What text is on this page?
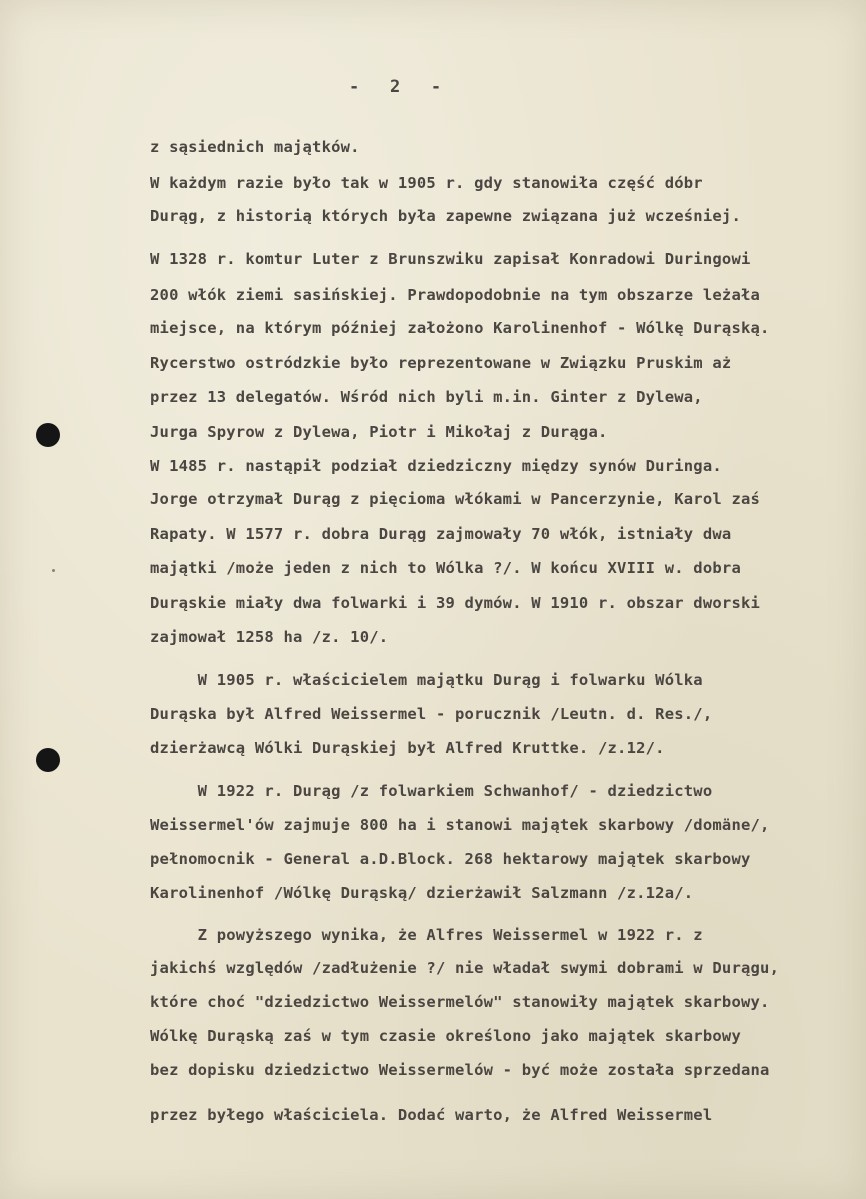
-   2   -
z sąsiednich majątków.
W każdym razie było tak w 1905 r. gdy stanowiła część dóbr
Durąg, z historią których była zapewne związana już wcześniej.
W 1328 r. komtur Luter z Brunszwiku zapisał Konradowi Duringowi
200 włók ziemi sasińskiej. Prawdopodobnie na tym obszarze leżała
miejsce, na którym później założono Karolinenhof - Wólkę Durąską.
Rycerstwo ostródzkie było reprezentowane w Związku Pruskim aż
przez 13 delegatów. Wśród nich byli m.in. Ginter z Dylewa,
Jurga Spyrow z Dylewa, Piotr i Mikołaj z Durąga.
W 1485 r. nastąpił podział dziedziczny między synów Duringa.
Jorge otrzymał Durąg z pięcioma włókami w Pancerzynie, Karol zaś
Rapaty. W 1577 r. dobra Durąg zajmowały 70 włók, istniały dwa
majątki /może jeden z nich to Wólka ?/. W końcu XVIII w. dobra
Durąskie miały dwa folwarki i 39 dymów. W 1910 r. obszar dworski
zajmował 1258 ha /z. 10/.
W 1905 r. właścicielem majątku Durąg i folwarku Wólka
Durąska był Alfred Weissermel - porucznik /Leutn. d. Res./,
dzierżawcą Wólki Durąskiej był Alfred Kruttke. /z.12/.
W 1922 r. Durąg /z folwarkiem Schwanhof/ - dziedzictwo
Weissermel'ów zajmuje 800 ha i stanowi majątek skarbowy /domäne/,
pełnomocnik - General a.D.Block. 268 hektarowy majątek skarbowy
Karolinenhof /Wólkę Durąską/ dzierżawił Salzmann /z.12a/.
Z powyższego wynika, że Alfres Weissermel w 1922 r. z
jakichś względów /zadłużenie ?/ nie władał swymi dobrami w Durągu,
które choć "dziedzictwo Weissermelów" stanowiły majątek skarbowy.
Wólkę Durąską zaś w tym czasie określono jako majątek skarbowy
bez dopisku dziedzictwo Weissermelów - być może została sprzedana
przez byłego właściciela. Dodać warto, że Alfred Weissermel
